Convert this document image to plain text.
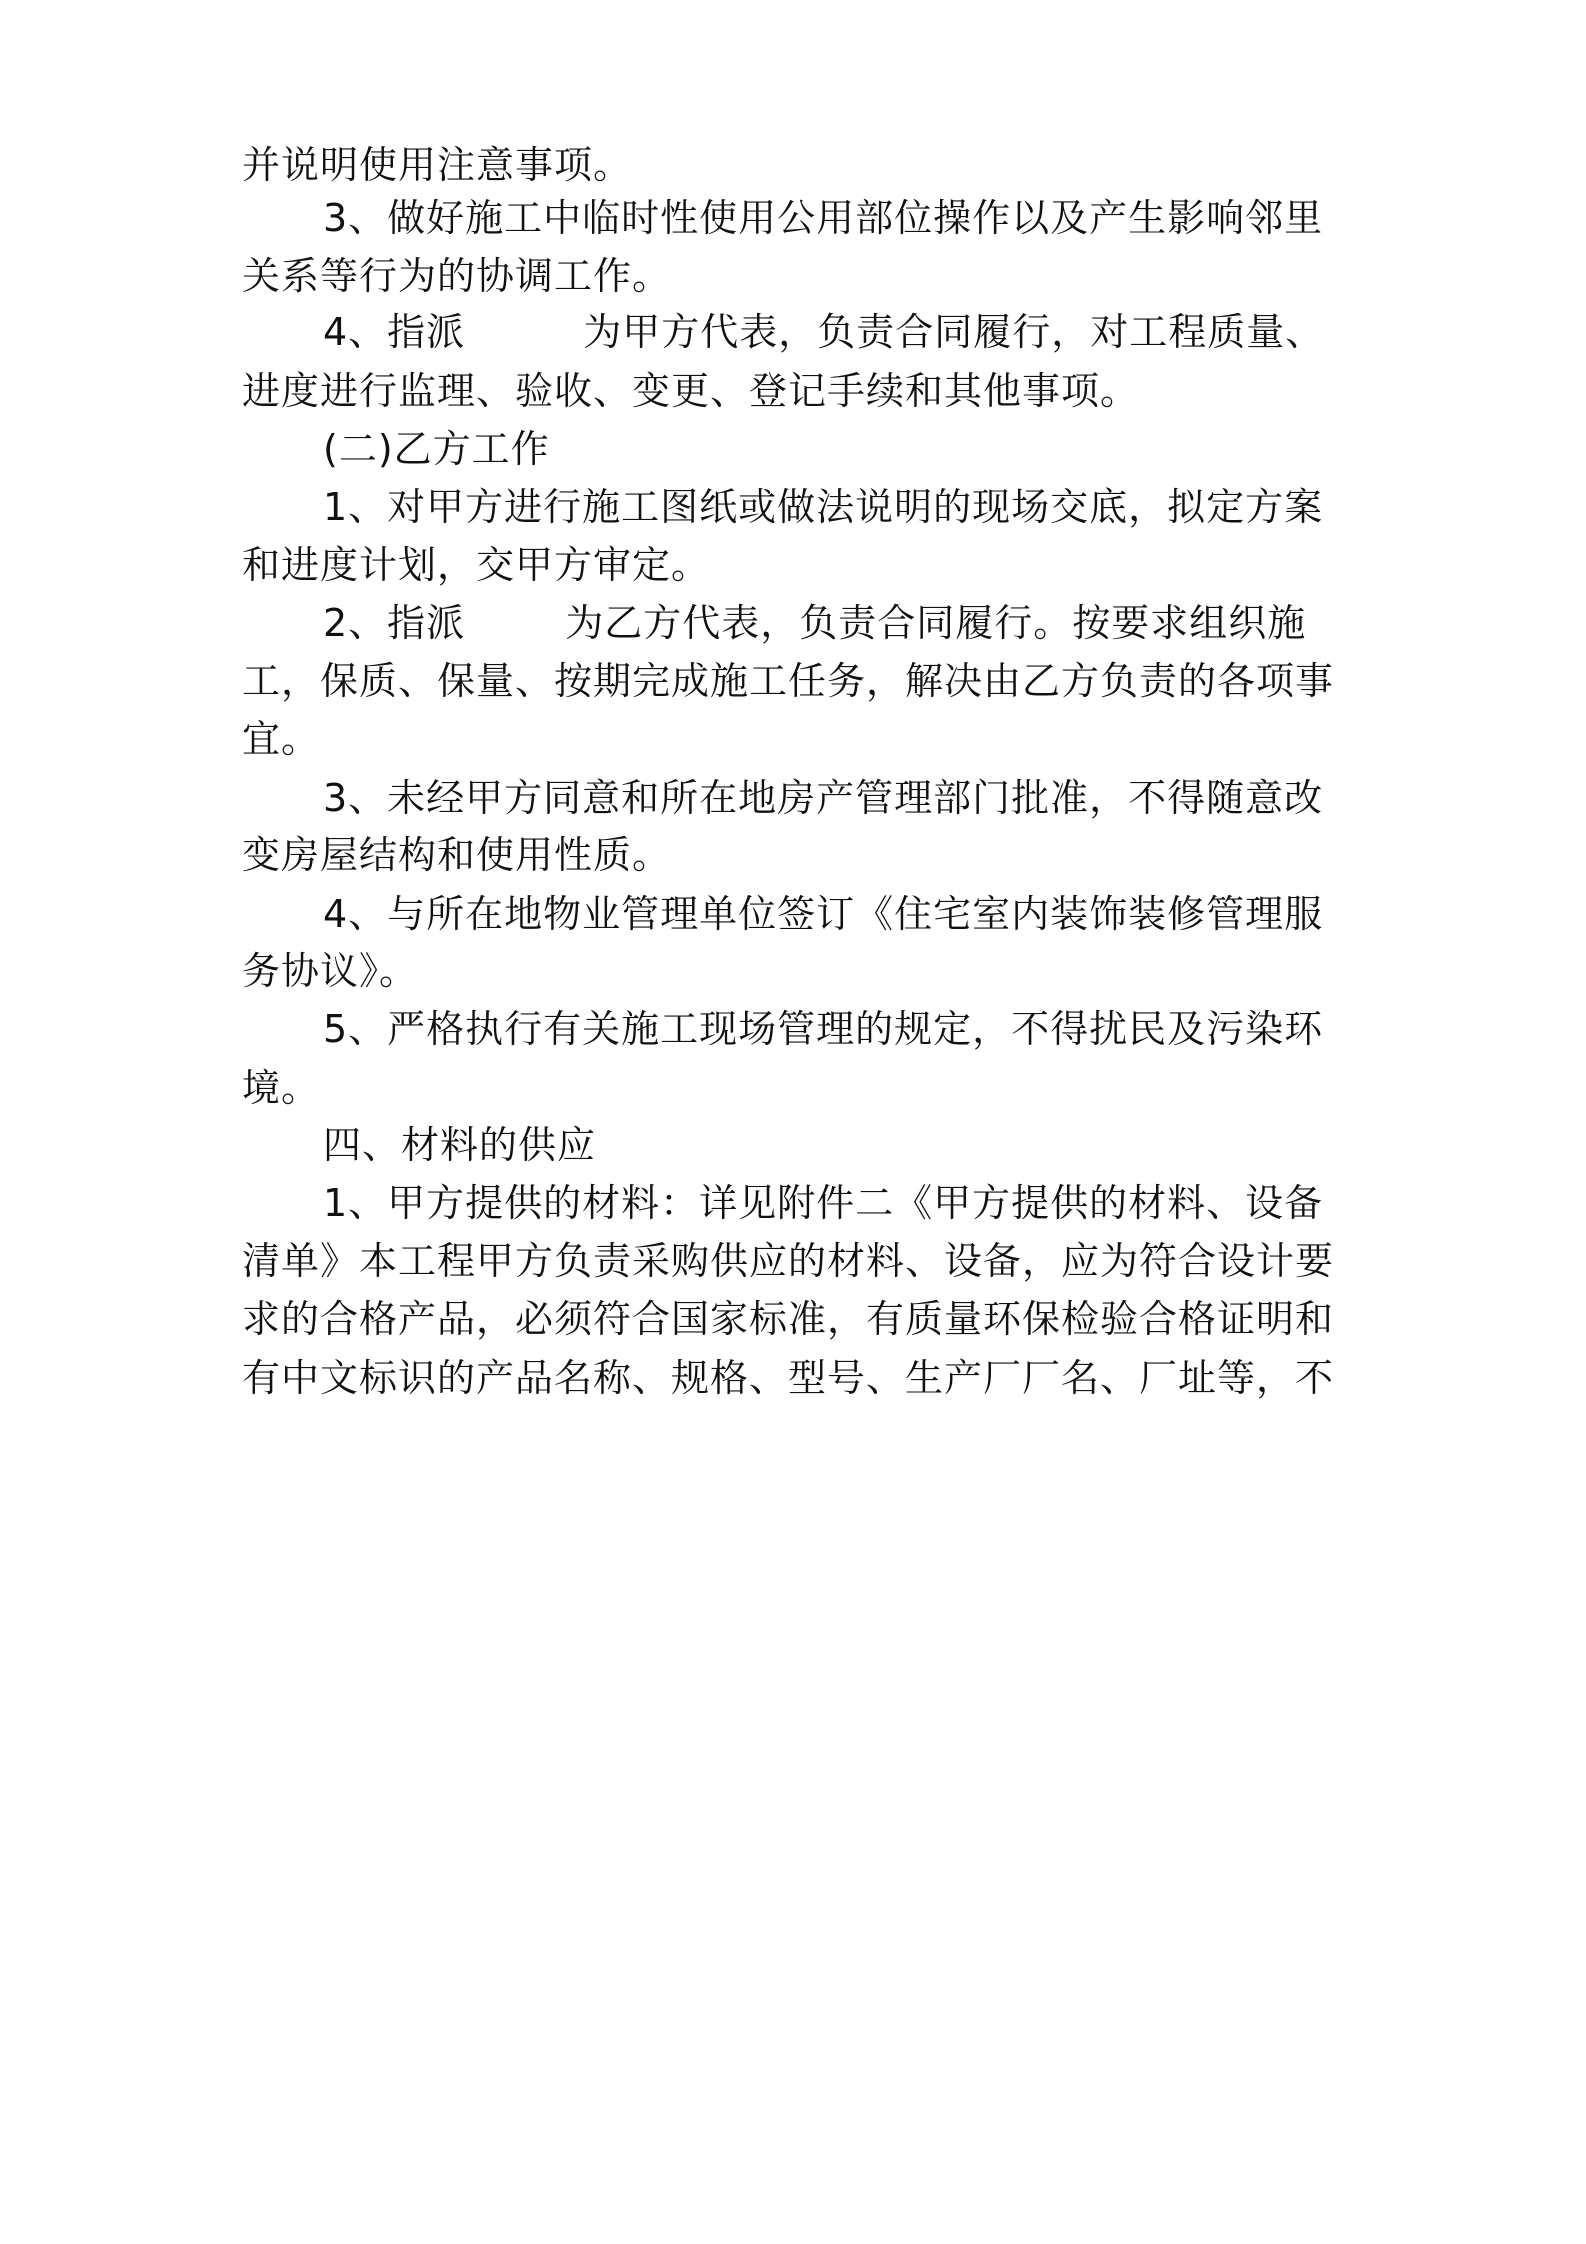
并说明使用注意事项。
3、做好施工中临时性使用公用部位操作以及产生影响邻里
关系等行为的协调工作。
4、指派	为甲方代表，负责合同履行，对工程质量、
进度进行监理、验收、变更、登记手续和其他事项。
(二)乙方工作
1、对甲方进行施工图纸或做法说明的现场交底，拟定方案
和进度计划，交甲方审定。
2、指派	为乙方代表，负责合同履行。按要求组织施
工，保质、保量、按期完成施工任务，解决由乙方负责的各项事
宜。
3、未经甲方同意和所在地房产管理部门批准，不得随意改
变房屋结构和使用性质。
4、与所在地物业管理单位签订《住宅室内装饰装修管理服
务协议》。
5、严格执行有关施工现场管理的规定，不得扰民及污染环
境。
四、材料的供应
1、甲方提供的材料：详见附件二《甲方提供的材料、设备
清单》本工程甲方负责采购供应的材料、设备，应为符合设计要
求的合格产品，必须符合国家标准，有质量环保检验合格证明和
有中文标识的产品名称、规格、型号、生产厂厂名、厂址等，不
